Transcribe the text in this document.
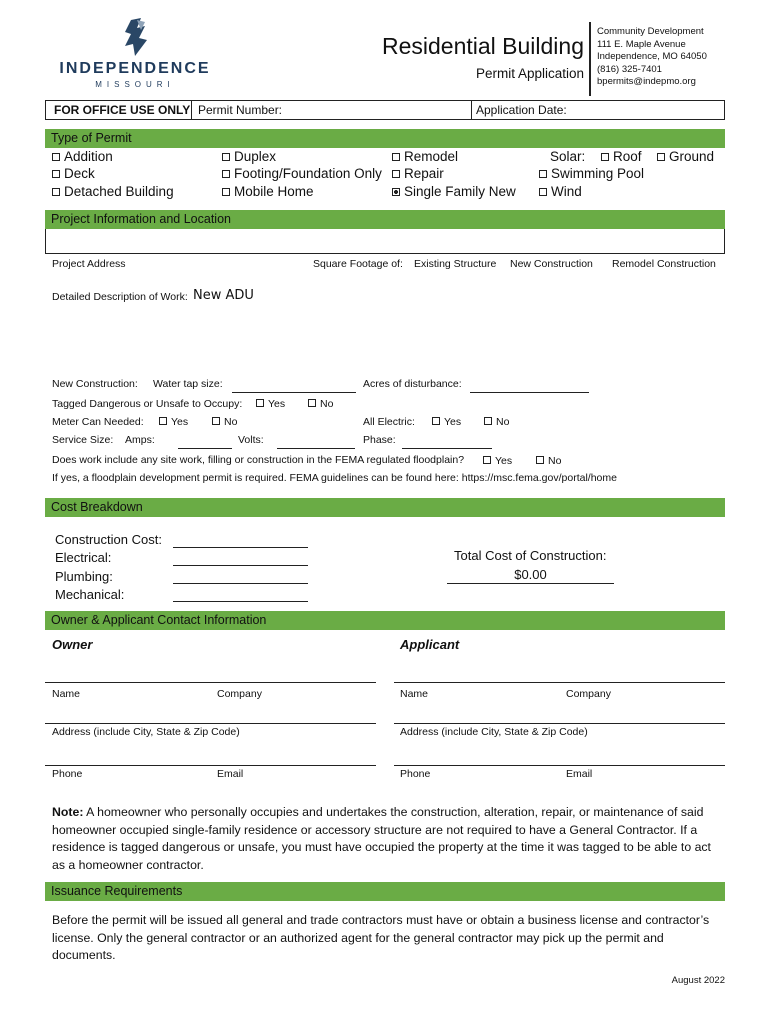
INDEPENDENCE
MISSOURI
Residential Building
Permit Application
Community Development
111 E. Maple Avenue
Independence, MO 64050
(816) 325-7401
bpermits@indepmo.org
FOR OFFICE USE ONLY Permit Number:	Application Date:
Type of Permit
Addition
Deck
Detached Building
Duplex
Footing/Foundation Only
Mobile Home
Remodel
Repair
Single Family New
Solar:	Roof	Ground
Swimming Pool
Wind
Project Information and Location
Project Address	Square Footage of: Existing Structure New Construction Remodel Construction
Detailed Description of Work: New ADU
New Construction: Water tap size:	Acres of disturbance:
Tagged Dangerous or Unsafe to Occupy:	Yes	No
Meter Can Needed:	Yes	No	All Electric:	Yes	No
Service Size: Amps:	Volts:	Phase:
Does work include any site work, filling or construction in the FEMA regulated floodplain?	Yes	No
If yes, a floodplain development permit is required. FEMA guidelines can be found here: https://msc.fema.gov/portal/home
Cost Breakdown
Construction Cost:
Electrical:
Plumbing:
Mechanical:
Total Cost of Construction:
$0.00
Owner & Applicant Contact Information
Owner	Applicant
Name	Company
Address (include City, State & Zip Code)
Phone	Email
Name	Company
Address (include City, State & Zip Code)
Phone	Email
Note: A homeowner who personally occupies and undertakes the construction, alteration, repair, or maintenance of said homeowner occupied single-family residence or accessory structure are not required to have a General Contractor. If a residence is tagged dangerous or unsafe, you must have occupied the property at the time it was tagged to be able to act as a homeowner contractor.
Issuance Requirements
Before the permit will be issued all general and trade contractors must have or obtain a business license and contractor’s license. Only the general contractor or an authorized agent for the general contractor may pick up the permit and documents.
August 2022
